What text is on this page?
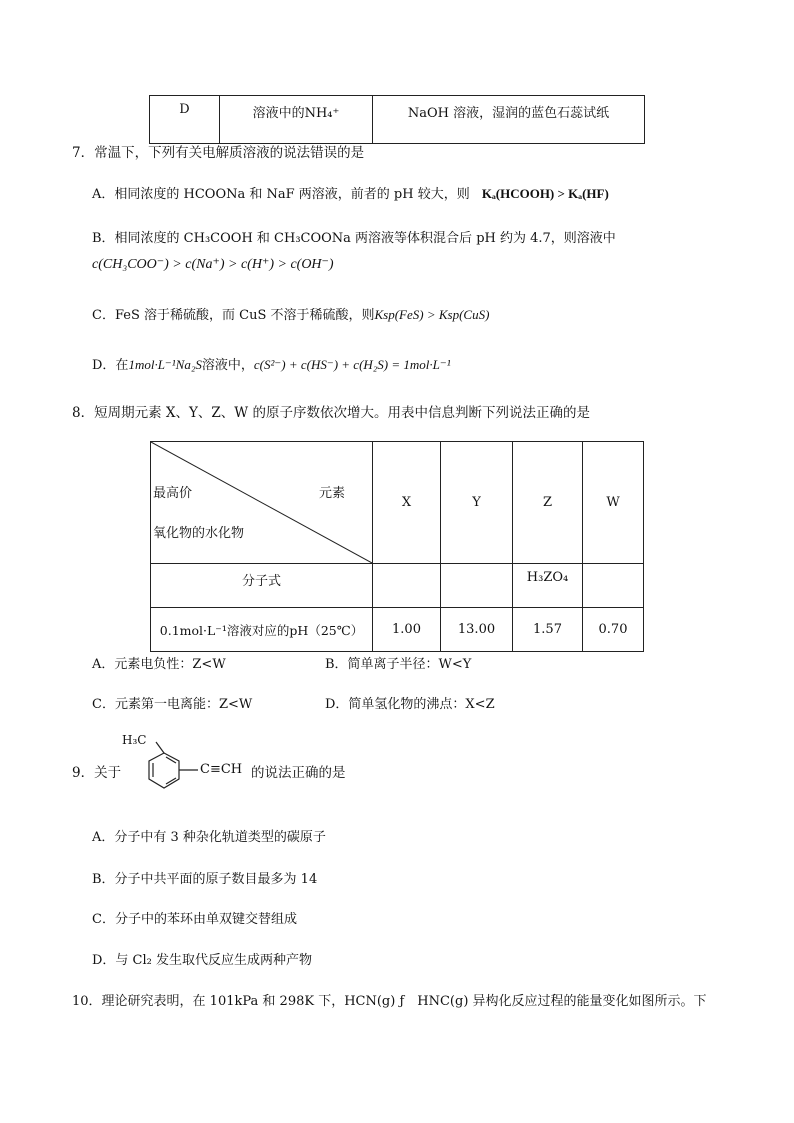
D	溶液中的NH₄⁺	NaOH 溶液，湿润的蓝色石蕊试纸
7．常温下，下列有关电解质溶液的说法错误的是
A．相同浓度的 HCOONa 和 NaF 两溶液，前者的 pH 较大，则 Kₐ(HCOOH) > Kₐ(HF)
B．相同浓度的 CH₃COOH 和 CH₃COONa 两溶液等体积混合后 pH 约为 4.7，则溶液中
c(CH₃COO⁻) > c(Na⁺) > c(H⁺) > c(OH⁻)
C．FeS 溶于稀硫酸，而 CuS 不溶于稀硫酸，则Ksp(FeS) > Ksp(CuS)
D．在1mol·L⁻¹Na₂S溶液中，c(S²⁻) + c(HS⁻) + c(H₂S) = 1mol·L⁻¹
8．短周期元素 X、Y、Z、W 的原子序数依次增大。用表中信息判断下列说法正确的是
元素
最高价
氧化物的水化物	X	Y	Z	W
分子式			H₃ZO₄	
0.1mol·L⁻¹溶液对应的pH（25℃）	1.00	13.00	1.57	0.70
A．元素电负性：Z<W	B．简单离子半径：W<Y
C．元素第一电离能：Z<W	D．简单氢化物的沸点：X<Z
9．关于
H₃C
C≡CH 的说法正确的是
A．分子中有 3 种杂化轨道类型的碳原子
B．分子中共平面的原子数目最多为 14
C．分子中的苯环由单双键交替组成
D．与 Cl₂ 发生取代反应生成两种产物
10．理论研究表明，在 101kPa 和 298K 下，HCN(g) ƒ　HNC(g) 异构化反应过程的能量变化如图所示。下
